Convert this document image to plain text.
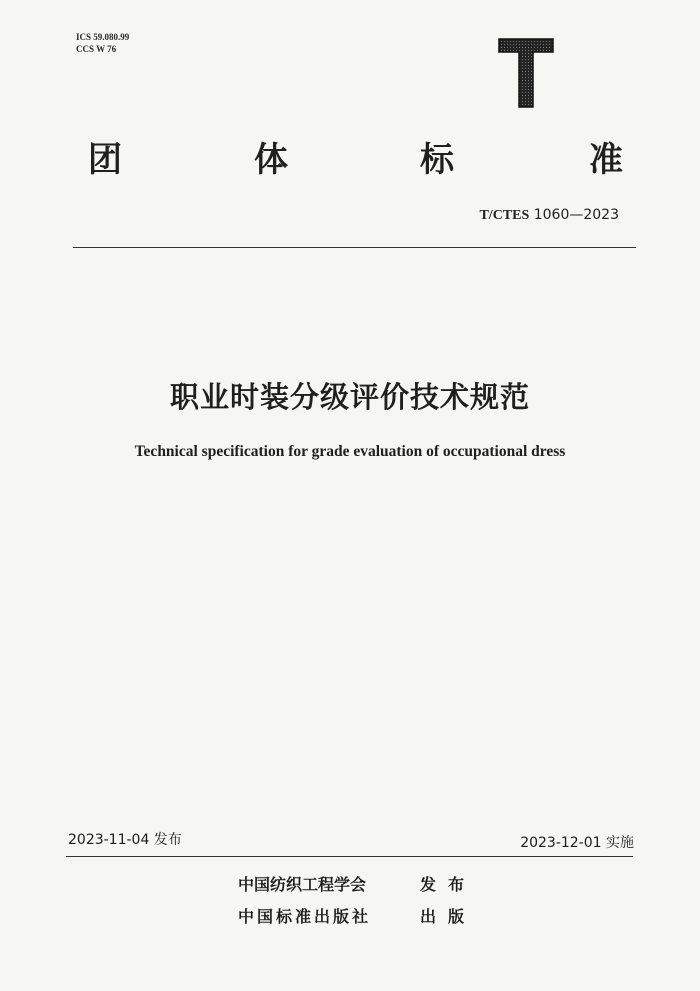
ICS 59.080.99
CCS W 76
团	体	标	准
T/CTES 1060—2023
职业时装分级评价技术规范
Technical specification for grade evaluation of occupational dress
2023-11-04 发布	2023-12-01 实施
中国纺织工程学会	发布
中国标准出版社	出版
